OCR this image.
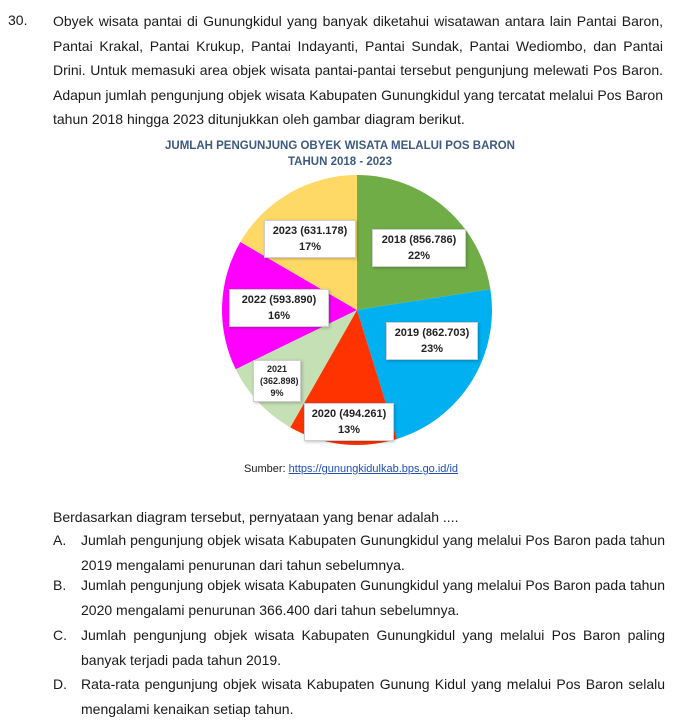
30. Obyek wisata pantai di Gunungkidul yang banyak diketahui wisatawan antara lain Pantai Baron, Pantai Krakal, Pantai Krukup, Pantai Indayanti, Pantai Sundak, Pantai Wediombo, dan Pantai Drini. Untuk memasuki area objek wisata pantai-pantai tersebut pengunjung melewati Pos Baron. Adapun jumlah pengunjung objek wisata Kabupaten Gunungkidul yang tercatat melalui Pos Baron tahun 2018 hingga 2023 ditunjukkan oleh gambar diagram berikut.

JUMLAH PENGUNJUNG OBYEK WISATA MELALUI POS BARON
TAHUN 2018 - 2023
2023 (631.178)
17%
2018 (856.786)
22%
2022 (593.890)
16%
2019 (862.703)
23%
2021
(362.898)
9%
2020 (494.261)
13%
Sumber: https://gunungkidulkab.bps.go.id/id
Berdasarkan diagram tersebut, pernyataan yang benar adalah ....
A. Jumlah pengunjung objek wisata Kabupaten Gunungkidul yang melalui Pos Baron pada tahun 2019 mengalami penurunan dari tahun sebelumnya.
B. Jumlah pengunjung objek wisata Kabupaten Gunungkidul yang melalui Pos Baron pada tahun 2020 mengalami penurunan 366.400 dari tahun sebelumnya.
C. Jumlah pengunjung objek wisata Kabupaten Gunungkidul yang melalui Pos Baron paling banyak terjadi pada tahun 2019.
D. Rata-rata pengunjung objek wisata Kabupaten Gunung Kidul yang melalui Pos Baron selalu mengalami kenaikan setiap tahun.
